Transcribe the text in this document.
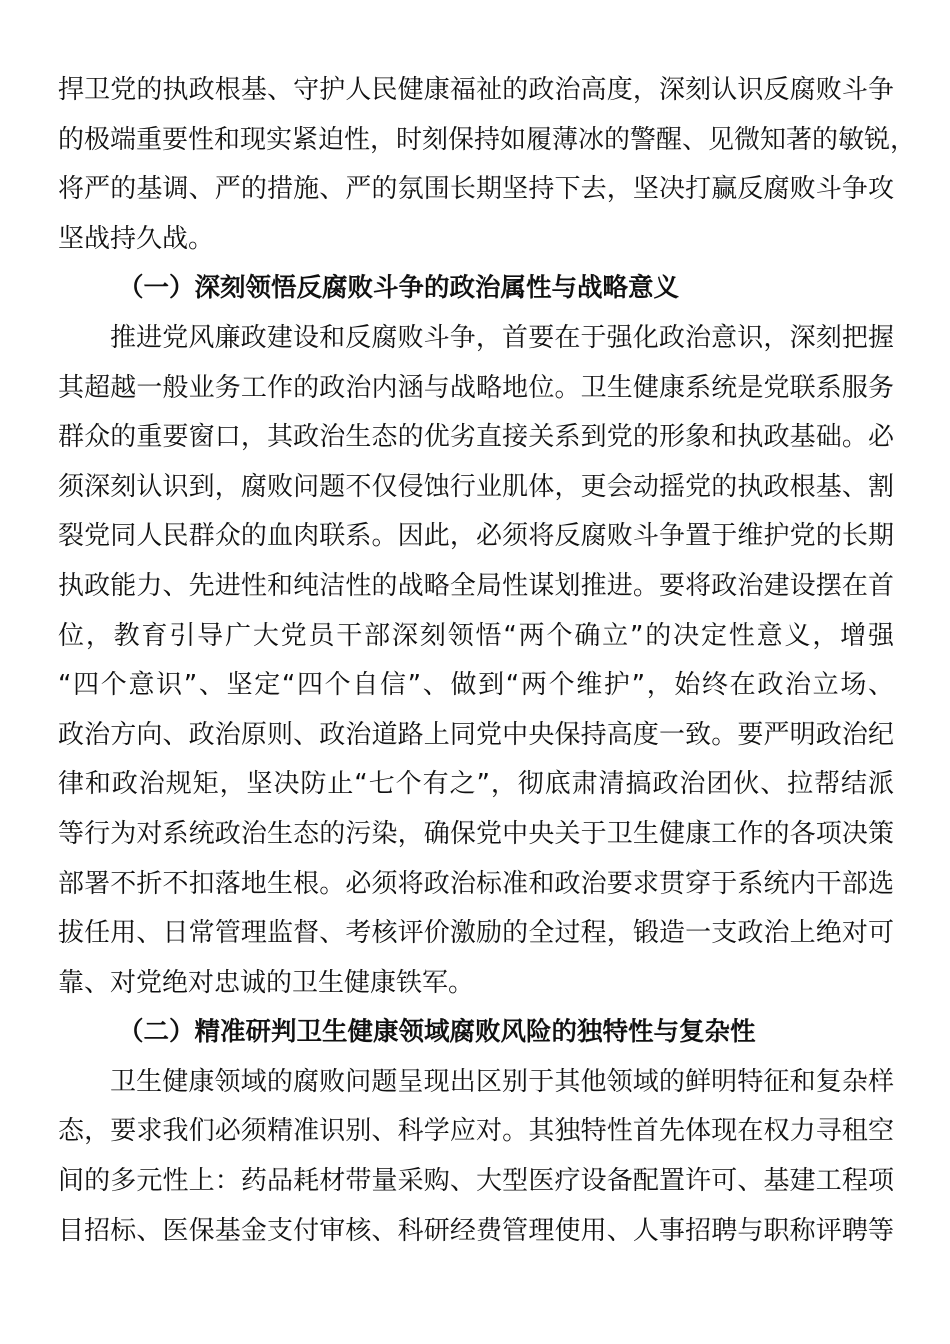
捍卫党的执政根基、守护人民健康福祉的政治高度，深刻认识反腐败斗争
的极端重要性和现实紧迫性，时刻保持如履薄冰的警醒、见微知著的敏锐，
将严的基调、严的措施、严的氛围长期坚持下去，坚决打赢反腐败斗争攻
坚战持久战。
（一）深刻领悟反腐败斗争的政治属性与战略意义
推进党风廉政建设和反腐败斗争，首要在于强化政治意识，深刻把握
其超越一般业务工作的政治内涵与战略地位。卫生健康系统是党联系服务
群众的重要窗口，其政治生态的优劣直接关系到党的形象和执政基础。必
须深刻认识到，腐败问题不仅侵蚀行业肌体，更会动摇党的执政根基、割
裂党同人民群众的血肉联系。因此，必须将反腐败斗争置于维护党的长期
执政能力、先进性和纯洁性的战略全局性谋划推进。要将政治建设摆在首
位，教育引导广大党员干部深刻领悟“两个确立”的决定性意义，增强
“四个意识”、坚定“四个自信”、做到“两个维护”，始终在政治立场、
政治方向、政治原则、政治道路上同党中央保持高度一致。要严明政治纪
律和政治规矩，坚决防止“七个有之”，彻底肃清搞政治团伙、拉帮结派
等行为对系统政治生态的污染，确保党中央关于卫生健康工作的各项决策
部署不折不扣落地生根。必须将政治标准和政治要求贯穿于系统内干部选
拔任用、日常管理监督、考核评价激励的全过程，锻造一支政治上绝对可
靠、对党绝对忠诚的卫生健康铁军。
（二）精准研判卫生健康领域腐败风险的独特性与复杂性
卫生健康领域的腐败问题呈现出区别于其他领域的鲜明特征和复杂样
态，要求我们必须精准识别、科学应对。其独特性首先体现在权力寻租空
间的多元性上：药品耗材带量采购、大型医疗设备配置许可、基建工程项
目招标、医保基金支付审核、科研经费管理使用、人事招聘与职称评聘等
